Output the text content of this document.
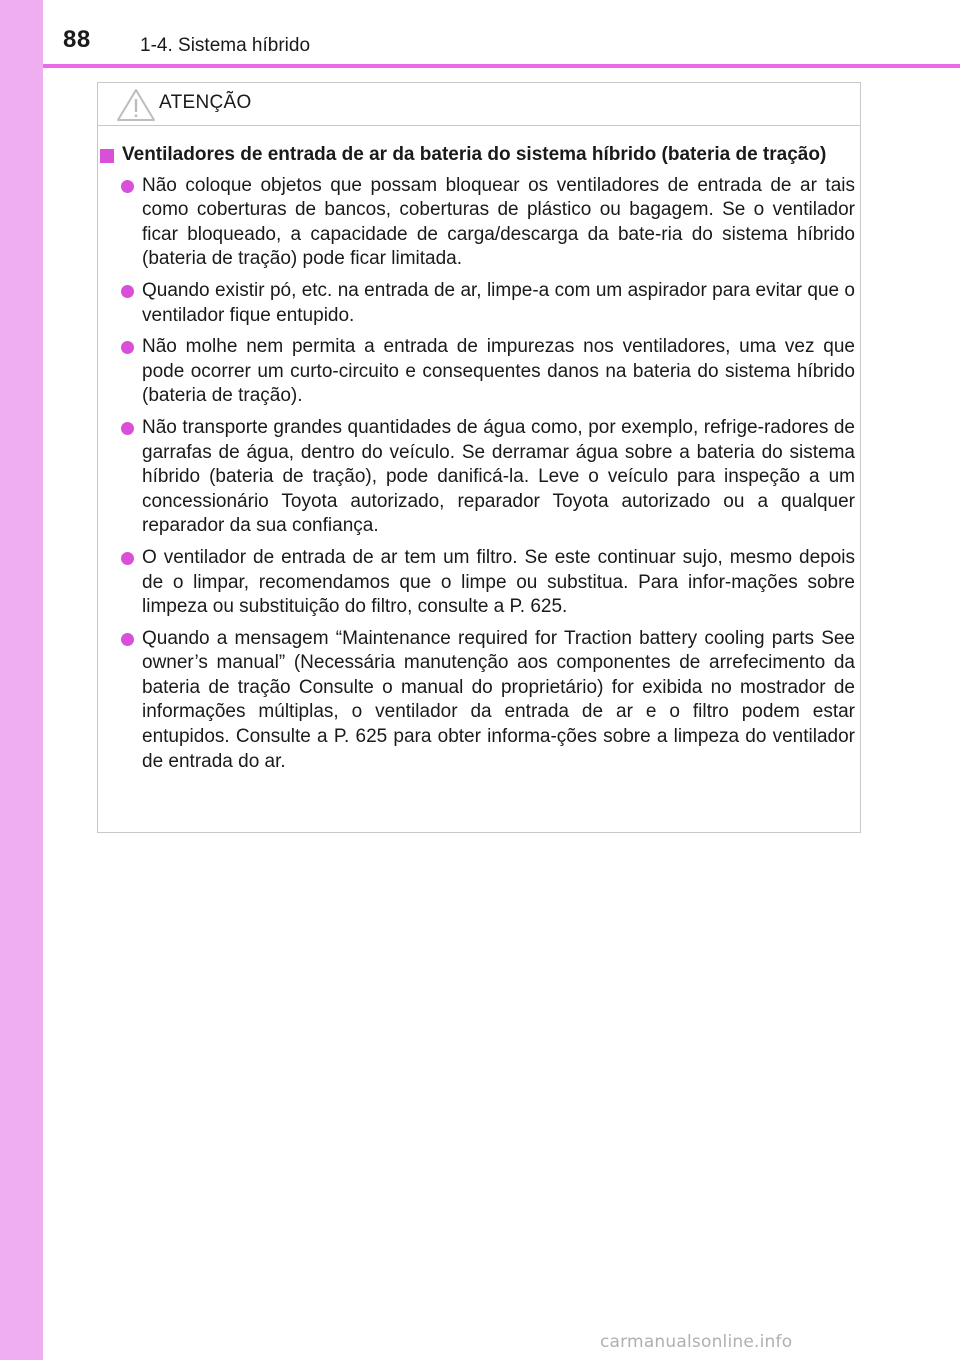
88	1-4. Sistema híbrido
ATENÇÃO
Ventiladores de entrada de ar da bateria do sistema híbrido (bateria de tração)
Não coloque objetos que possam bloquear os ventiladores de entrada de ar tais como coberturas de bancos, coberturas de plástico ou bagagem. Se o ventilador ficar bloqueado, a capacidade de carga/descarga da bate-ria do sistema híbrido (bateria de tração) pode ficar limitada.
Quando existir pó, etc. na entrada de ar, limpe-a com um aspirador para evitar que o ventilador fique entupido.
Não molhe nem permita a entrada de impurezas nos ventiladores, uma vez que pode ocorrer um curto-circuito e consequentes danos na bateria do sistema híbrido (bateria de tração).
Não transporte grandes quantidades de água como, por exemplo, refrige-radores de garrafas de água, dentro do veículo. Se derramar água sobre a bateria do sistema híbrido (bateria de tração), pode danificá-la. Leve o veículo para inspeção a um concessionário Toyota autorizado, reparador Toyota autorizado ou a qualquer reparador da sua confiança.
O ventilador de entrada de ar tem um filtro. Se este continuar sujo, mesmo depois de o limpar, recomendamos que o limpe ou substitua. Para infor-mações sobre limpeza ou substituição do filtro, consulte a P. 625.
Quando a mensagem “Maintenance required for Traction battery cooling parts See owner’s manual” (Necessária manutenção aos componentes de arrefecimento da bateria de tração Consulte o manual do proprietário) for exibida no mostrador de informações múltiplas, o ventilador da entrada de ar e o filtro podem estar entupidos. Consulte a P. 625 para obter informa-ções sobre a limpeza do ventilador de entrada do ar.
carmanualsonline.info
